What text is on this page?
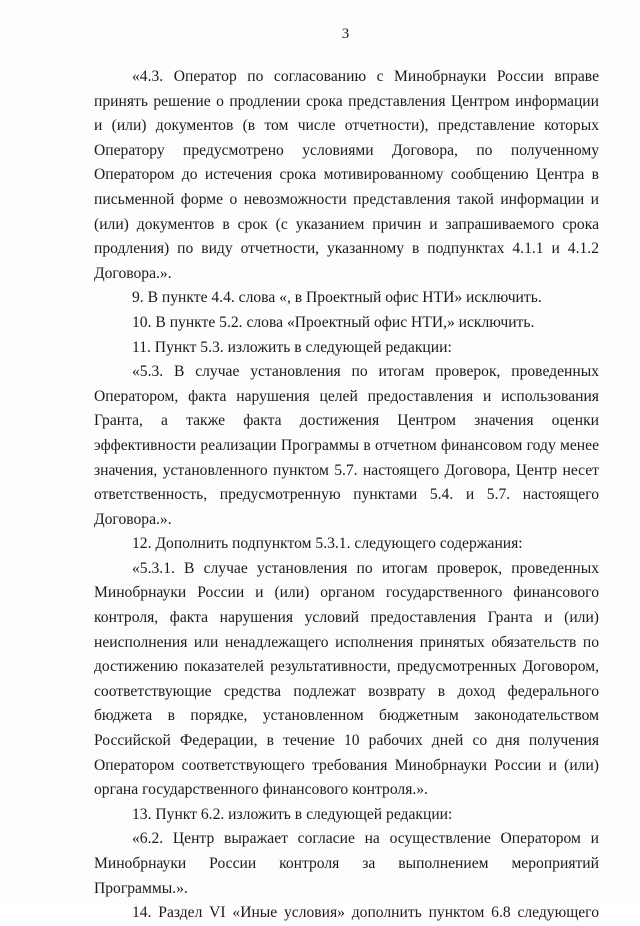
3

«4.3. Оператор по согласованию с Минобрнауки России вправе принять решение о продлении срока представления Центром информации и (или) документов (в том числе отчетности), представление которых Оператору предусмотрено условиями Договора, по полученному Оператором до истечения срока мотивированному сообщению Центра в письменной форме о невозможности представления такой информации и (или) документов в срок (с указанием причин и запрашиваемого срока продления) по виду отчетности, указанному в подпунктах 4.1.1 и 4.1.2 Договора.».

9. В пункте 4.4. слова «, в Проектный офис НТИ» исключить.

10. В пункте 5.2. слова «Проектный офис НТИ,» исключить.

11. Пункт 5.3. изложить в следующей редакции:

«5.3. В случае установления по итогам проверок, проведенных Оператором, факта нарушения целей предоставления и использования Гранта, а также факта достижения Центром значения оценки эффективности реализации Программы в отчетном финансовом году менее значения, установленного пунктом 5.7. настоящего Договора, Центр несет ответственность, предусмотренную пунктами 5.4. и 5.7. настоящего Договора.».

12. Дополнить подпунктом 5.3.1. следующего содержания:

«5.3.1. В случае установления по итогам проверок, проведенных Минобрнауки России и (или) органом государственного финансового контроля, факта нарушения условий предоставления Гранта и (или) неисполнения или ненадлежащего исполнения принятых обязательств по достижению показателей результативности, предусмотренных Договором, соответствующие средства подлежат возврату в доход федерального бюджета в порядке, установленном бюджетным законодательством Российской Федерации, в течение 10 рабочих дней со дня получения Оператором соответствующего требования Минобрнауки России и (или) органа государственного финансового контроля.».

13. Пункт 6.2. изложить в следующей редакции:

«6.2. Центр выражает согласие на осуществление Оператором и Минобрнауки России контроля за выполнением мероприятий Программы.».

14. Раздел VI «Иные условия» дополнить пунктом 6.8 следующего
